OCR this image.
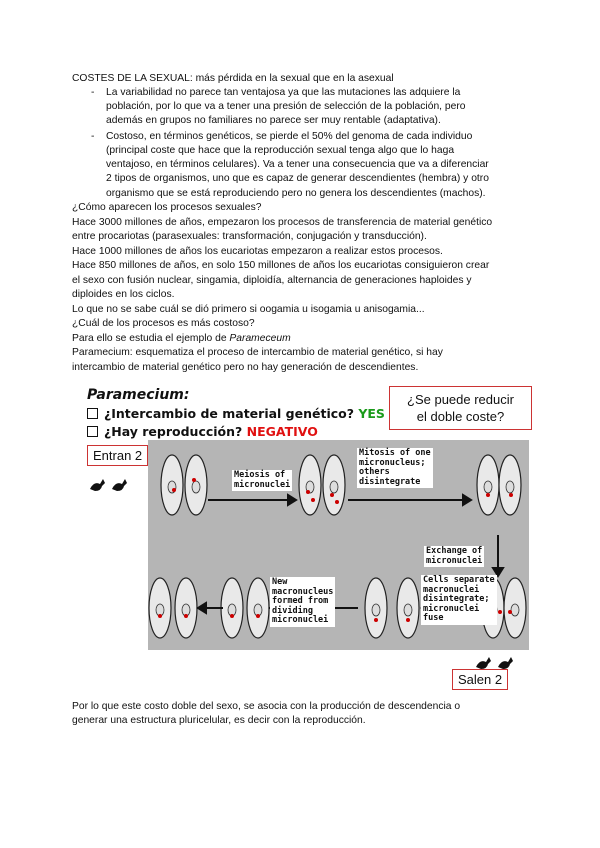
COSTES DE LA SEXUAL: más pérdida en la sexual que en la asexual
- La variabilidad no parece tan ventajosa ya que las mutaciones las adquiere la
población, por lo que va a tener una presión de selección de la población, pero
además en grupos no familiares no parece ser muy rentable (adaptativa).
- Costoso, en términos genéticos, se pierde el 50% del genoma de cada individuo
(principal coste que hace que la reproducción sexual tenga algo que lo haga
ventajoso, en términos celulares). Va a tener una consecuencia que va a diferenciar
2 tipos de organismos, uno que es capaz de generar descendientes (hembra) y otro
organismo que se está reproduciendo pero no genera los descendientes (machos).
¿Cómo aparecen los procesos sexuales?
Hace 3000 millones de años, empezaron los procesos de transferencia de material genético
entre procariotas (parasexuales: transformación, conjugación y transducción).
Hace 1000 millones de años los eucariotas empezaron a realizar estos procesos.
Hace 850 millones de años, en solo 150 millones de años los eucariotas consiguieron crear
el sexo con fusión nuclear, singamia, diploidía, alternancia de generaciones haploides y
diploides en los ciclos.
Lo que no se sabe cuál se dió primero si oogamia u isogamia u anisogamia...
¿Cuál de los procesos es más costoso?
Para ello se estudia el ejemplo de Parameceum
Paramecium: esquematiza el proceso de intercambio de material genético, si hay
intercambio de material genético pero no hay generación de descendientes.
Paramecium:
¿Intercambio de material genético? YES
¿Hay reproducción? NEGATIVO
¿Se puede reducir
el doble coste?
Entran 2
Meiosis of
micronuclei
Mitosis of one
micronucleus;
others
disintegrate
Exchange of
micronuclei
Cells separate
macronuclei
disintegrate;
micronuclei
fuse
New
macronucleus
formed from
dividing
micronuclei
Salen 2
Por lo que este costo doble del sexo, se asocia con la producción de descendencia o
generar una estructura pluricelular, es decir con la reproducción.
